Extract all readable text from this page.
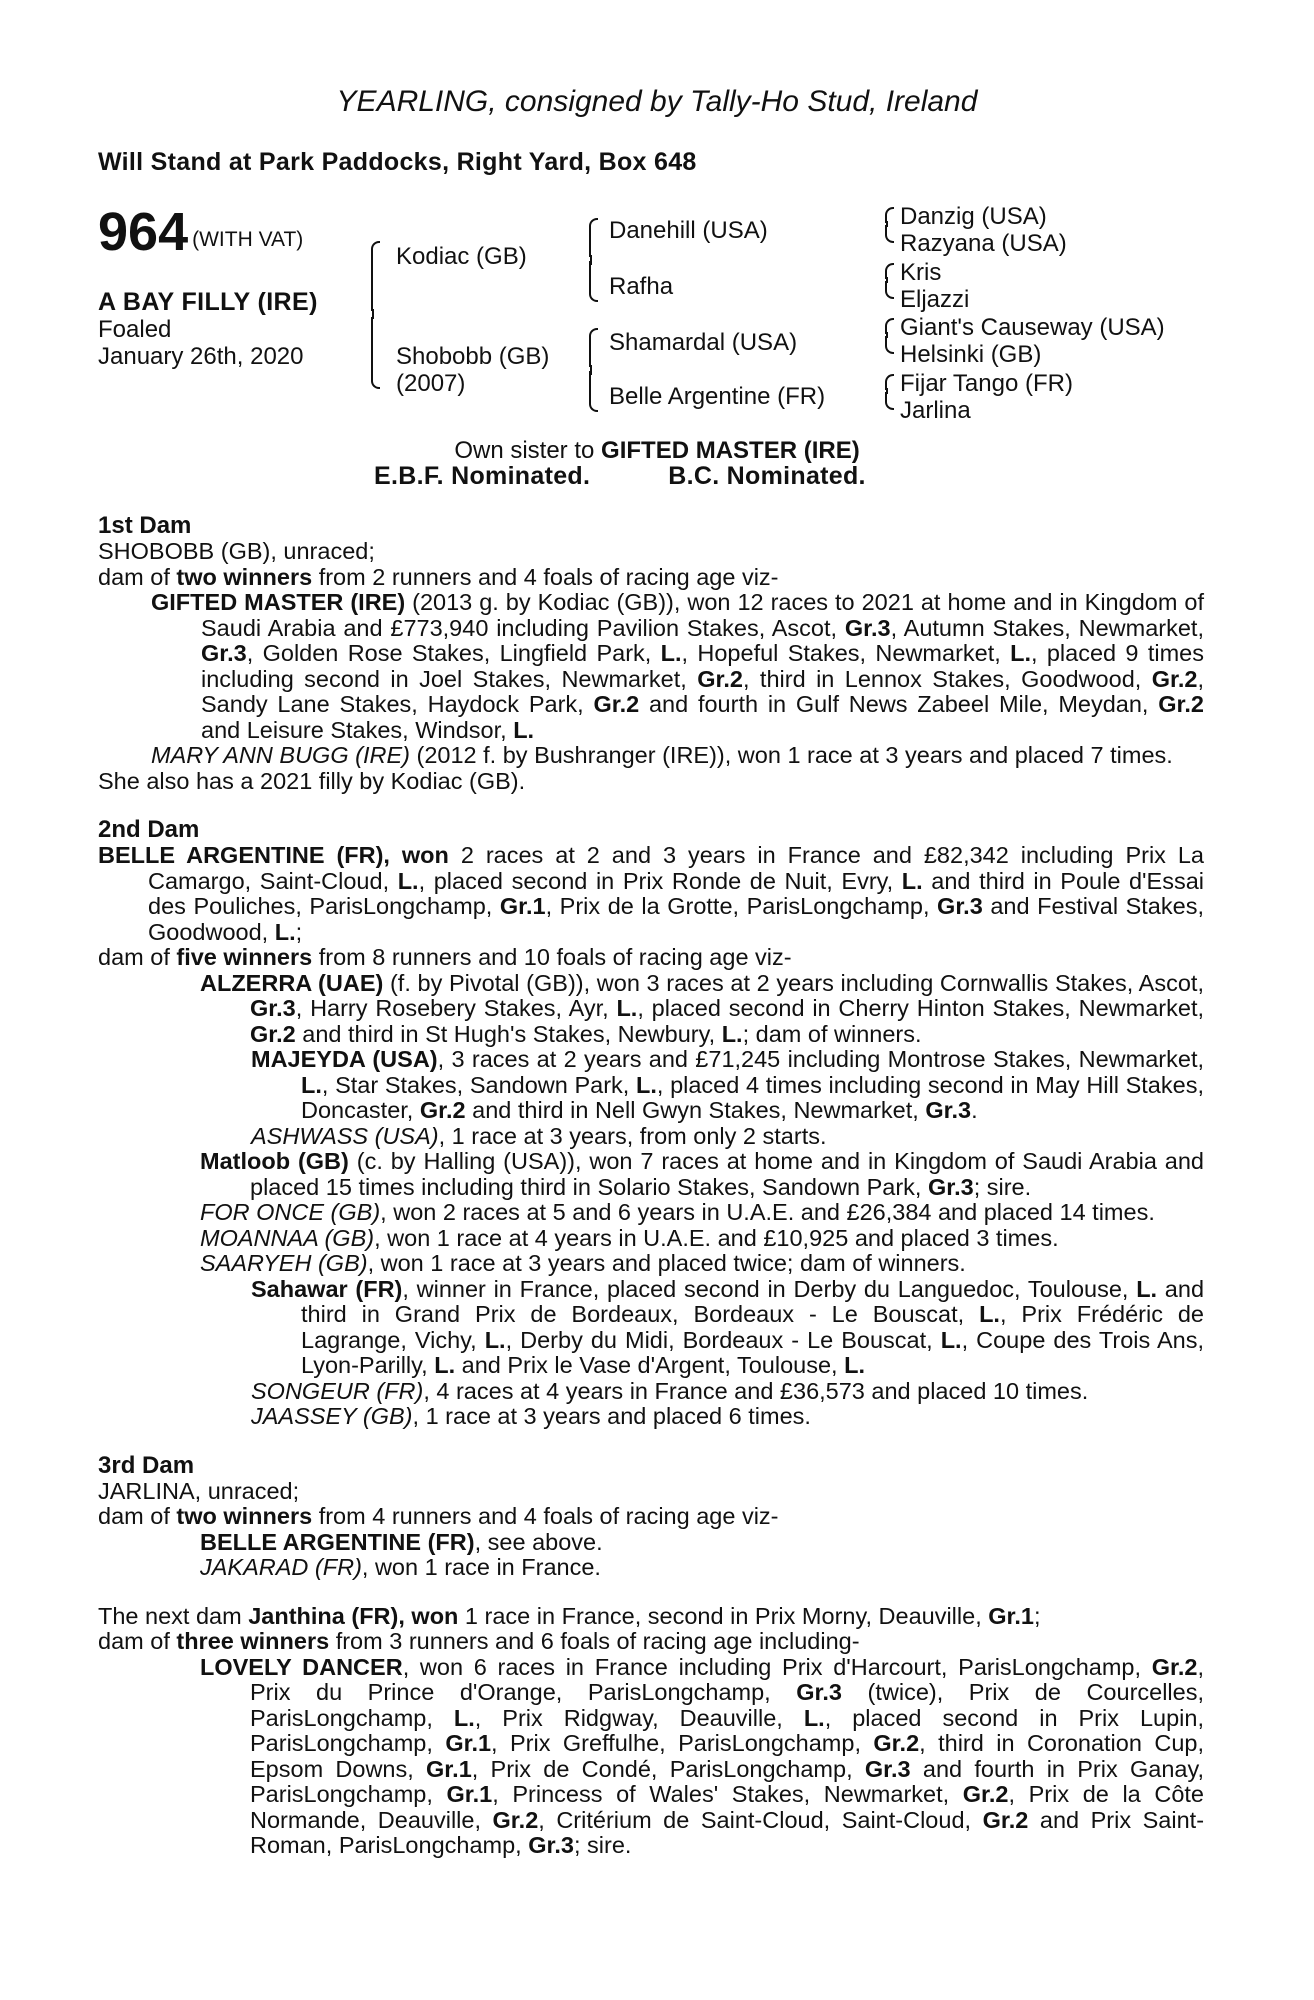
YEARLING, consigned by Tally-Ho Stud, Ireland
Will Stand at Park Paddocks, Right Yard, Box 648
964 (WITH VAT)
A BAY FILLY (IRE)
Foaled
January 26th, 2020
Kodiac (GB)
Shobobb (GB)
(2007)
Danehill (USA)
Rafha
Shamardal (USA)
Belle Argentine (FR)
Danzig (USA)
Razyana (USA)
Kris
Eljazzi
Giant's Causeway (USA)
Helsinki (GB)
Fijar Tango (FR)
Jarlina
Own sister to GIFTED MASTER (IRE)
E.B.F. Nominated.	B.C. Nominated.
1st Dam

SHOBOBB (GB), unraced;

dam of two winners from 2 runners and 4 foals of racing age viz-

GIFTED MASTER (IRE) (2013 g. by Kodiac (GB)), won 12 races to 2021 at home and in Kingdom of Saudi Arabia and £773,940 including Pavilion Stakes, Ascot, Gr.3, Autumn Stakes, Newmarket, Gr.3, Golden Rose Stakes, Lingfield Park, L., Hopeful Stakes, Newmarket, L., placed 9 times including second in Joel Stakes, Newmarket, Gr.2, third in Lennox Stakes, Goodwood, Gr.2, Sandy Lane Stakes, Haydock Park, Gr.2 and fourth in Gulf News Zabeel Mile, Meydan, Gr.2 and Leisure Stakes, Windsor, L.

MARY ANN BUGG (IRE) (2012 f. by Bushranger (IRE)), won 1 race at 3 years and placed 7 times.

She also has a 2021 filly by Kodiac (GB).

2nd Dam

BELLE ARGENTINE (FR), won 2 races at 2 and 3 years in France and £82,342 including Prix La Camargo, Saint-Cloud, L., placed second in Prix Ronde de Nuit, Evry, L. and third in Poule d'Essai des Pouliches, ParisLongchamp, Gr.1, Prix de la Grotte, ParisLongchamp, Gr.3 and Festival Stakes, Goodwood, L.;

dam of five winners from 8 runners and 10 foals of racing age viz-

ALZERRA (UAE) (f. by Pivotal (GB)), won 3 races at 2 years including Cornwallis Stakes, Ascot, Gr.3, Harry Rosebery Stakes, Ayr, L., placed second in Cherry Hinton Stakes, Newmarket, Gr.2 and third in St Hugh's Stakes, Newbury, L.; dam of winners.

MAJEYDA (USA), 3 races at 2 years and £71,245 including Montrose Stakes, Newmarket, L., Star Stakes, Sandown Park, L., placed 4 times including second in May Hill Stakes, Doncaster, Gr.2 and third in Nell Gwyn Stakes, Newmarket, Gr.3.

ASHWASS (USA), 1 race at 3 years, from only 2 starts.

Matloob (GB) (c. by Halling (USA)), won 7 races at home and in Kingdom of Saudi Arabia and placed 15 times including third in Solario Stakes, Sandown Park, Gr.3; sire.

FOR ONCE (GB), won 2 races at 5 and 6 years in U.A.E. and £26,384 and placed 14 times.

MOANNAA (GB), won 1 race at 4 years in U.A.E. and £10,925 and placed 3 times.

SAARYEH (GB), won 1 race at 3 years and placed twice; dam of winners.

Sahawar (FR), winner in France, placed second in Derby du Languedoc, Toulouse, L. and third in Grand Prix de Bordeaux, Bordeaux - Le Bouscat, L., Prix Frédéric de Lagrange, Vichy, L., Derby du Midi, Bordeaux - Le Bouscat, L., Coupe des Trois Ans, Lyon-Parilly, L. and Prix le Vase d'Argent, Toulouse, L.

SONGEUR (FR), 4 races at 4 years in France and £36,573 and placed 10 times.

JAASSEY (GB), 1 race at 3 years and placed 6 times.

3rd Dam

JARLINA, unraced;

dam of two winners from 4 runners and 4 foals of racing age viz-

BELLE ARGENTINE (FR), see above.

JAKARAD (FR), won 1 race in France.

The next dam Janthina (FR), won 1 race in France, second in Prix Morny, Deauville, Gr.1;

dam of three winners from 3 runners and 6 foals of racing age including-

LOVELY DANCER, won 6 races in France including Prix d'Harcourt, ParisLongchamp, Gr.2, Prix du Prince d'Orange, ParisLongchamp, Gr.3 (twice), Prix de Courcelles, ParisLongchamp, L., Prix Ridgway, Deauville, L., placed second in Prix Lupin, ParisLongchamp, Gr.1, Prix Greffulhe, ParisLongchamp, Gr.2, third in Coronation Cup, Epsom Downs, Gr.1, Prix de Condé, ParisLongchamp, Gr.3 and fourth in Prix Ganay, ParisLongchamp, Gr.1, Princess of Wales' Stakes, Newmarket, Gr.2, Prix de la Côte Normande, Deauville, Gr.2, Critérium de Saint-Cloud, Saint-Cloud, Gr.2 and Prix Saint-Roman, ParisLongchamp, Gr.3; sire.
